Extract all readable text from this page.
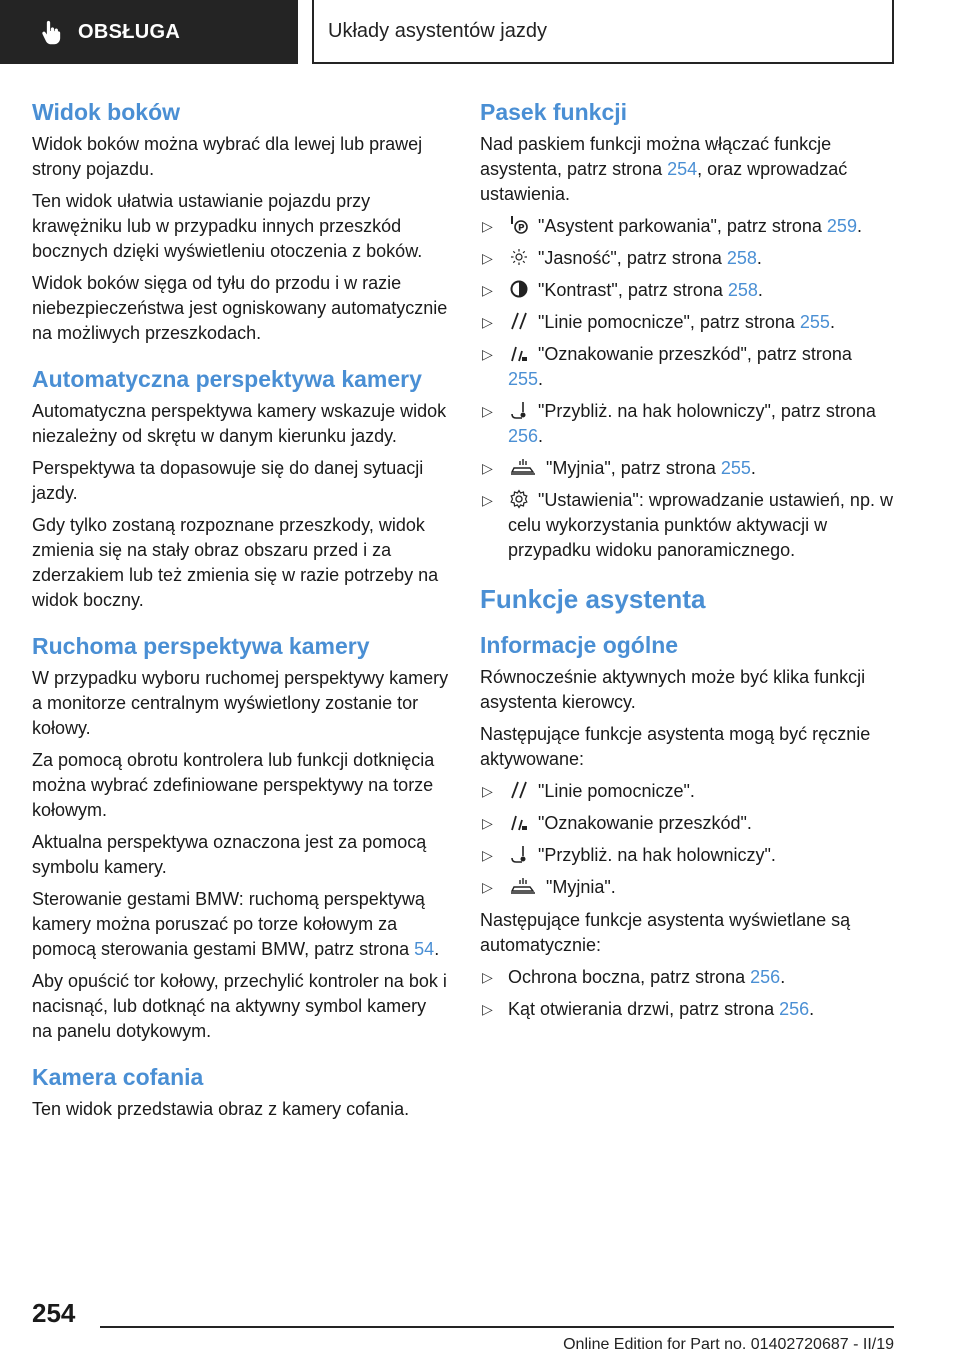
OBSŁUGA	Układy asystentów jazdy
Widok boków

Widok boków można wybrać dla lewej lub prawej strony pojazdu.

Ten widok ułatwia ustawianie pojazdu przy krawężniku lub w przypadku innych przeszkód bocznych dzięki wyświetleniu otoczenia z boków.

Widok boków sięga od tyłu do przodu i w razie niebezpieczeństwa jest ogniskowany automatycznie na możliwych przeszkodach.

Automatyczna perspektywa kamery

Automatyczna perspektywa kamery wskazuje widok niezależny od skrętu w danym kierunku jazdy.

Perspektywa ta dopasowuje się do danej sytuacji jazdy.

Gdy tylko zostaną rozpoznane przeszkody, widok zmienia się na stały obraz obszaru przed i za zderzakiem lub też zmienia się w razie potrzeby na widok boczny.

Ruchoma perspektywa kamery

W przypadku wyboru ruchomej perspektywy kamery a monitorze centralnym wyświetlony zostanie tor kołowy.

Za pomocą obrotu kontrolera lub funkcji dotknięcia można wybrać zdefiniowane perspektywy na torze kołowym.

Aktualna perspektywa oznaczona jest za pomocą symbolu kamery.

Sterowanie gestami BMW: ruchomą perspektywą kamery można poruszać po torze kołowym za pomocą sterowania gestami BMW, patrz strona 54.

Aby opuścić tor kołowy, przechylić kontroler na bok i nacisnąć, lub dotknąć na aktywny symbol kamery na panelu dotykowym.

Kamera cofania

Ten widok przedstawia obraz z kamery cofania.

Pasek funkcji

Nad paskiem funkcji można włączać funkcje asystenta, patrz strona 254, oraz wprowadzać ustawienia.

▷	P "Asystent parkowania", patrz strona 259.
▷	"Jasność", patrz strona 258.
▷	"Kontrast", patrz strona 258.
▷	"Linie pomocnicze", patrz strona 255.
▷	"Oznakowanie przeszkód", patrz strona
255.
▷	"Przybliż. na hak holowniczy", patrz strona
256.
▷	"Myjnia", patrz strona 255.
▷	"Ustawienia": wprowadzanie ustawień, np. w celu wykorzystania punktów aktywacji w przypadku widoku panoramicznego.
Funkcje asystenta
Informacje ogólne

Równocześnie aktywnych może być klika funkcji asystenta kierowcy.

Następujące funkcje asystenta mogą być ręcznie aktywowane:

▷	"Linie pomocnicze".
▷	"Oznakowanie przeszkód".
▷	"Przybliż. na hak holowniczy".
▷	"Myjnia".

Następujące funkcje asystenta wyświetlane są automatycznie:

▷ Ochrona boczna, patrz strona 256.
▷ Kąt otwierania drzwi, patrz strona 256.
254
Online Edition for Part no. 01402720687 - II/19
